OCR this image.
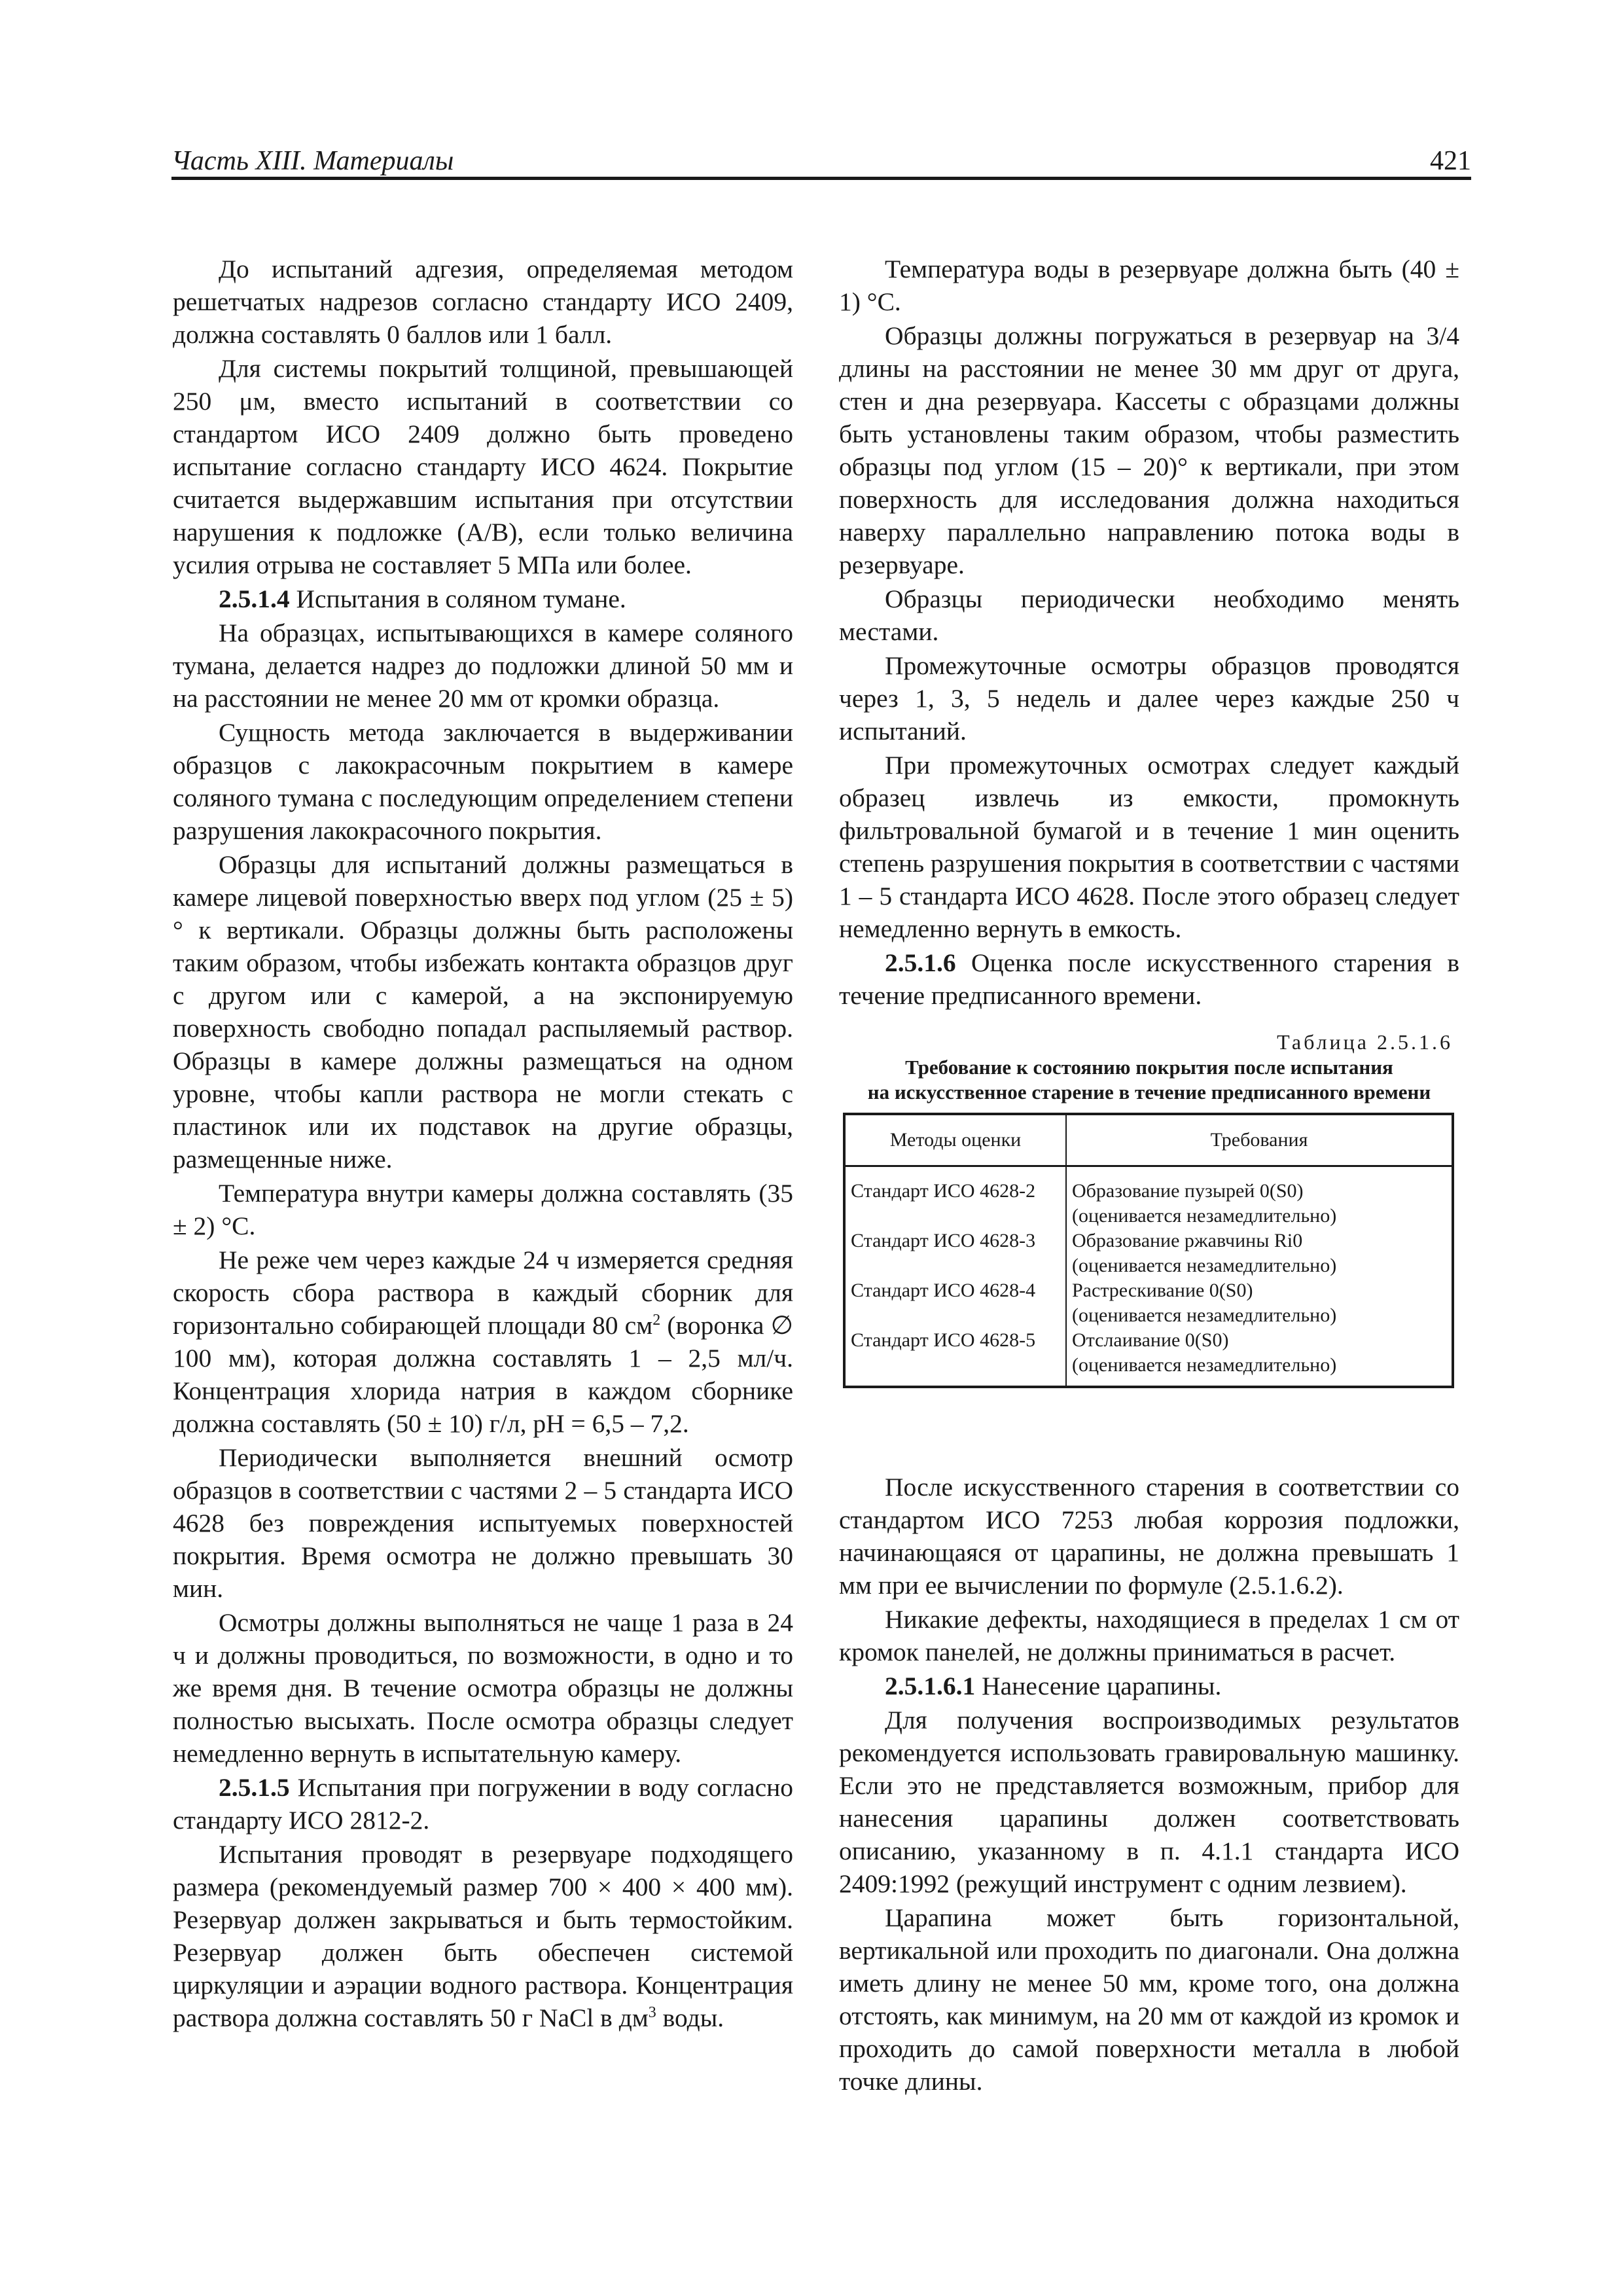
Часть XIII. Материалы	421

До испытаний адгезия, определяемая методом решетчатых надрезов согласно стандарту ИСО 2409, должна составлять 0 баллов или 1 балл.

Для системы покрытий толщиной, превышающей 250 μм, вместо испытаний в соответствии со стандартом ИСО 2409 должно быть проведено испытание согласно стандарту ИСО 4624. Покрытие считается выдержавшим испытания при отсутствии нарушения к подложке (A/B), если только величина усилия отрыва не составляет 5 МПа или более.

2.5.1.4 Испытания в соляном тумане.

На образцах, испытывающихся в камере соляного тумана, делается надрез до подложки длиной 50 мм и на расстоянии не менее 20 мм от кромки образца.

Сущность метода заключается в выдерживании образцов с лакокрасочным покрытием в камере соляного тумана с последующим определением степени разрушения лакокрасочного покрытия.

Образцы для испытаний должны размещаться в камере лицевой поверхностью вверх под углом (25 ± 5)° к вертикали. Образцы должны быть расположены таким образом, чтобы избежать контакта образцов друг с другом или с камерой, а на экспонируемую поверхность свободно попадал распыляемый раствор. Образцы в камере должны размещаться на одном уровне, чтобы капли раствора не могли стекать с пластинок или их подставок на другие образцы, размещенные ниже.

Температура внутри камеры должна составлять (35 ± 2) °С.

Не реже чем через каждые 24 ч измеряется средняя скорость сбора раствора в каждый сборник для горизонтально собирающей площади 80 $см^2$ (воронка ∅ 100 мм), которая должна составлять 1 – 2,5 мл/ч. Концентрация хлорида натрия в каждом сборнике должна составлять (50 ± 10) г/л, pH = 6,5 – 7,2.

Периодически выполняется внешний осмотр образцов в соответствии с частями 2 – 5 стандарта ИСО 4628 без повреждения испытуемых поверхностей покрытия. Время осмотра не должно превышать 30 мин.

Осмотры должны выполняться не чаще 1 раза в 24 ч и должны проводиться, по возможности, в одно и то же время дня. В течение осмотра образцы не должны полностью высыхать. После осмотра образцы следует немедленно вернуть в испытательную камеру.

2.5.1.5 Испытания при погружении в воду согласно стандарту ИСО 2812-2.

Испытания проводят в резервуаре подходящего размера (рекомендуемый размер 700 × 400 × 400 мм). Резервуар должен закрываться и быть термостойким. Резервуар должен быть обеспечен системой циркуляции и аэрации водного раствора. Концентрация раствора должна составлять 50 г NaCl в $дм^3$ воды.

Температура воды в резервуаре должна быть (40 ± 1) °С.

Образцы должны погружаться в резервуар на 3/4 длины на расстоянии не менее 30 мм друг от друга, стен и дна резервуара. Кассеты с образцами должны быть установлены таким образом, чтобы разместить образцы под углом (15 – 20)° к вертикали, при этом поверхность для исследования должна находиться наверху параллельно направлению потока воды в резервуаре.

Образцы периодически необходимо менять местами.

Промежуточные осмотры образцов проводятся через 1, 3, 5 недель и далее через каждые 250 ч испытаний.

При промежуточных осмотрах следует каждый образец извлечь из емкости, промокнуть фильтровальной бумагой и в течение 1 мин оценить степень разрушения покрытия в соответствии с частями 1 – 5 стандарта ИСО 4628. После этого образец следует немедленно вернуть в емкость.

2.5.1.6 Оценка после искусственного старения в течение предписанного времени.

Таблица 2.5.1.6
Требование к состоянию покрытия после испытания
на искусственное старение в течение предписанного времени
Методы оценки	Требования
Стандарт ИСО 4628-2	Образование пузырей 0(S0)
(оценивается незамедлительно)

Стандарт ИСО 4628-3	Образование ржавчины Ri0
(оценивается незамедлительно)

Стандарт ИСО 4628-4	Растрескивание 0(S0)
(оценивается незамедлительно)

Стандарт ИСО 4628-5	Отслаивание 0(S0)
(оценивается незамедлительно)

После искусственного старения в соответствии со стандартом ИСО 7253 любая коррозия подложки, начинающаяся от царапины, не должна превышать 1 мм при ее вычислении по формуле (2.5.1.6.2).

Никакие дефекты, находящиеся в пределах 1 см от кромок панелей, не должны приниматься в расчет.

2.5.1.6.1 Нанесение царапины.

Для получения воспроизводимых результатов рекомендуется использовать гравировальную машинку. Если это не представляется возможным, прибор для нанесения царапины должен соответствовать описанию, указанному в п. 4.1.1 стандарта ИСО 2409:1992 (режущий инструмент с одним лезвием).

Царапина может быть горизонтальной, вертикальной или проходить по диагонали. Она должна иметь длину не менее 50 мм, кроме того, она должна отстоять, как минимум, на 20 мм от каждой из кромок и проходить до самой поверхности металла в любой точке длины.
